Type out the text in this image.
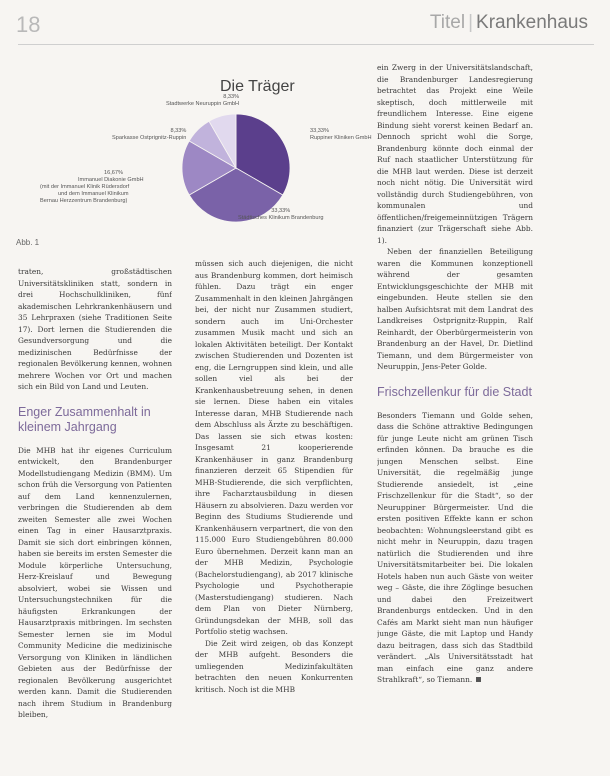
18	Titel | Krankenhaus
Die Träger
8,33%
Stadtwerke Neuruppin GmbH
8,33%
Sparkasse Ostprignitz-Ruppin
16,67%
Immanuel Diakonie GmbH
(mit der Immanuel Klinik Rüdersdorf
und dem Immanuel Klinikum
Bernau Herzzentrum Brandenburg)
33,33%
Städtisches Klinikum Brandenburg
33,33%
Ruppiner Kliniken GmbH
Abb. 1

traten, großstädtischen Universitätskliniken statt, sondern in drei Hochschulkliniken, fünf akademischen Lehrkrankenhäusern und 35 Lehrpraxen (siehe Traditionen Seite 17). Dort lernen die Studierenden die Gesundversorgung und die medizinischen Bedürfnisse der regionalen Bevölkerung kennen, wohnen mehrere Wochen vor Ort und machen sich ein Bild von Land und Leuten.

Enger Zusammenhalt in kleinem Jahrgang

Die MHB hat ihr eigenes Curriculum entwickelt, den Brandenburger Modellstudiengang Medizin (BMM). Um schon früh die Versorgung von Patienten auf dem Land kennenzulernen, verbringen die Studierenden ab dem zweiten Semester alle zwei Wochen einen Tag in einer Hausarztpraxis. Damit sie sich dort einbringen können, haben sie bereits im ersten Semester die Module körperliche Untersuchung, Herz-Kreislauf und Bewegung absolviert, wobei sie Wissen und Untersuchungstechniken für die häufigsten Erkrankungen der Hausarztpraxis mitbringen. Im sechsten Semester lernen sie im Modul Community Medicine die medizinische Versorgung von Kliniken in ländlichen Gebieten aus der Bedürfnisse der regionalen Bevölkerung ausgerichtet werden kann. Damit die Studierenden nach ihrem Studium in Brandenburg bleiben,

müssen sich auch diejenigen, die nicht aus Brandenburg kommen, dort heimisch fühlen. Dazu trägt ein enger Zusammenhalt in den kleinen Jahrgängen bei, der nicht nur Zusammen studiert, sondern auch im Uni-Orchester zusammen Musik macht und sich an lokalen Aktivitäten beteiligt. Der Kontakt zwischen Studierenden und Dozenten ist eng, die Lerngruppen sind klein, und alle sollen viel als bei der Krankenhausbetreuung sehen, in denen sie lernen. Diese haben ein vitales Interesse daran, MHB Studierende nach dem Abschluss als Ärzte zu beschäftigen. Das lassen sie sich etwas kosten: Insgesamt 21 kooperierende Krankenhäuser in ganz Brandenburg finanzieren derzeit 65 Stipendien für MHB-Studierende, die sich verpflichten, ihre Facharztausbildung in diesen Häusern zu absolvieren. Dazu werden vor Beginn des Studiums Studierende und Krankenhäusern verpartnert, die von den 115.000 Euro Studiengebühren 80.000 Euro übernehmen. Derzeit kann man an der MHB Medizin, Psychologie (Bachelorstudiengang), ab 2017 klinische Psychologie und Psychotherapie (Masterstudiengang) studieren. Nach dem Plan von Dieter Nürnberg, Gründungsdekan der MHB, soll das Portfolio stetig wachsen.

Die Zeit wird zeigen, ob das Konzept der MHB aufgeht. Besonders die umliegenden Medizinfakultäten betrachten den neuen Konkurrenten kritisch. Noch ist die MHB

ein Zwerg in der Universitätslandschaft, die Brandenburger Landesregierung betrachtet das Projekt eine Weile skeptisch, doch mittlerweile mit freundlichem Interesse. Eine eigene Bindung sieht vorerst keinen Bedarf an. Dennoch spricht wohl die Sorge, Brandenburg könnte doch einmal der Ruf nach staatlicher Unterstützung für die MHB laut werden. Diese ist derzeit noch nicht nötig. Die Universität wird vollständig durch Studiengebühren, von kommunalen und öffentlichen/freigemeinnützigen Trägern finanziert (zur Trägerschaft siehe Abb. 1).

Neben der finanziellen Beteiligung waren die Kommunen konzeptionell während der gesamten Entwicklungsgeschichte der MHB mit eingebunden. Heute stellen sie den halben Aufsichtsrat mit dem Landrat des Landkreises Ostprignitz-Ruppin, Ralf Reinhardt, der Oberbürgermeisterin von Brandenburg an der Havel, Dr. Dietlind Tiemann, und dem Bürgermeister von Neuruppin, Jens-Peter Golde.

Frischzellenkur für die Stadt

Besonders Tiemann und Golde sehen, dass die Schöne attraktive Bedingungen für junge Leute nicht am grünen Tisch erfinden können. Da brauche es die jungen Menschen selbst. Eine Universität, die regelmäßig junge Studierende ansiedelt, ist „eine Frischzellenkur für die Stadt“, so der Neuruppiner Bürgermeister. Und die ersten positiven Effekte kann er schon beobachten: Wohnungsleerstand gibt es nicht mehr in Neuruppin, dazu tragen natürlich die Studierenden und ihre Universitätsmitarbeiter bei. Die lokalen Hotels haben nun auch Gäste von weiter weg – Gäste, die ihre Zöglinge besuchen und dabei den Freizeitwert Brandenburgs entdecken. Und in den Cafés am Markt sieht man nun häufiger junge Gäste, die mit Laptop und Handy dazu beitragen, dass sich das Stadtbild verändert. „Als Universitätsstadt hat man einfach eine ganz andere Strahlkraft“, so Tiemann.
